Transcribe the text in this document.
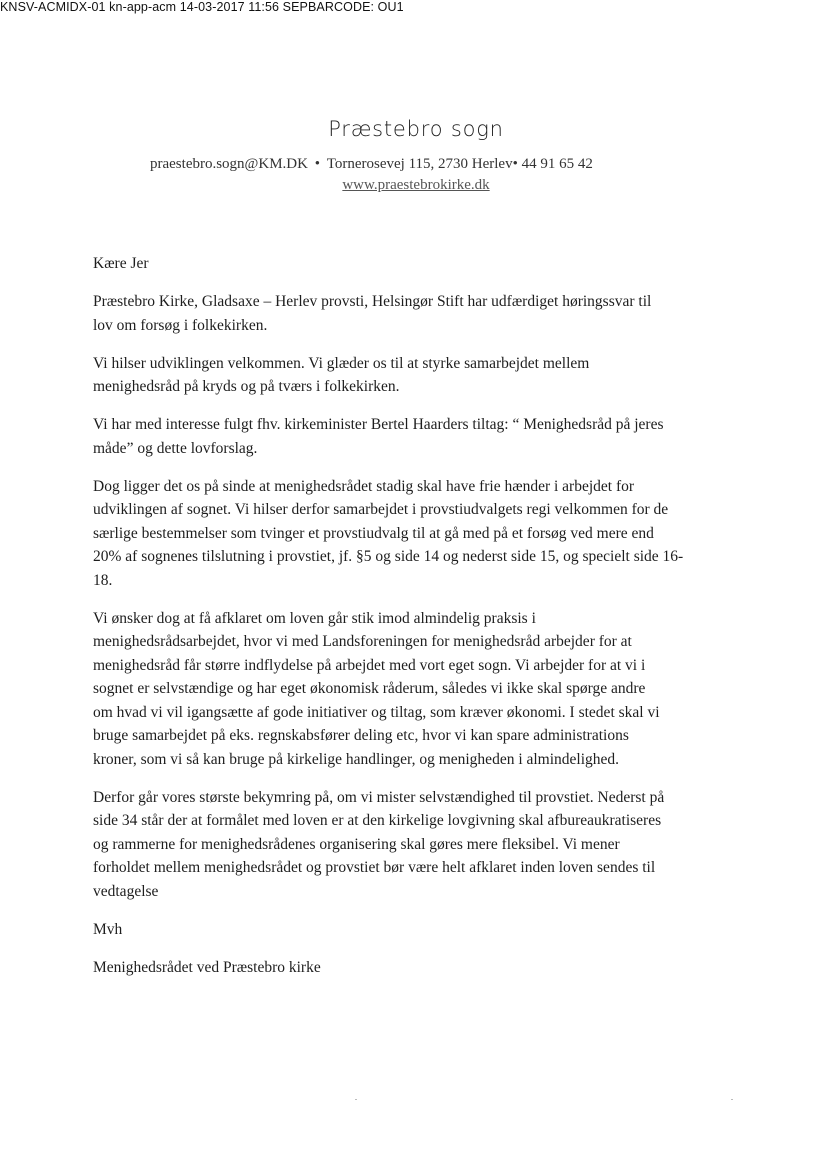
KNSV-ACMIDX-01 kn-app-acm 14-03-2017 11:56 SEPBARCODE: OU1
Præstebro sogn
praestebro.sogn@KM.DK • Tornerosevej 115, 2730 Herlev• 44 91 65 42
www.praestebrokirke.dk

Kære Jer

Præstebro Kirke, Gladsaxe – Herlev provsti, Helsingør Stift har udfærdiget høringssvar til
lov om forsøg i folkekirken.

Vi hilser udviklingen velkommen. Vi glæder os til at styrke samarbejdet mellem
menighedsråd på kryds og på tværs i folkekirken.

Vi har med interesse fulgt fhv. kirkeminister Bertel Haarders tiltag: “ Menighedsråd på jeres
måde” og dette lovforslag.

Dog ligger det os på sinde at menighedsrådet stadig skal have frie hænder i arbejdet for
udviklingen af sognet. Vi hilser derfor samarbejdet i provstiudvalgets regi velkommen for de
særlige bestemmelser som tvinger et provstiudvalg til at gå med på et forsøg ved mere end
20% af sognenes tilslutning i provstiet, jf. §5 og side 14 og nederst side 15, og specielt side 16-
18.

Vi ønsker dog at få afklaret om loven går stik imod almindelig praksis i
menighedsrådsarbejdet, hvor vi med Landsforeningen for menighedsråd arbejder for at
menighedsråd får større indflydelse på arbejdet med vort eget sogn. Vi arbejder for at vi i
sognet er selvstændige og har eget økonomisk råderum, således vi ikke skal spørge andre
om hvad vi vil igangsætte af gode initiativer og tiltag, som kræver økonomi. I stedet skal vi
bruge samarbejdet på eks. regnskabsfører deling etc, hvor vi kan spare administrations
kroner, som vi så kan bruge på kirkelige handlinger, og menigheden i almindelighed.

Derfor går vores største bekymring på, om vi mister selvstændighed til provstiet. Nederst på
side 34 står der at formålet med loven er at den kirkelige lovgivning skal afbureaukratiseres
og rammerne for menighedsrådenes organisering skal gøres mere fleksibel. Vi mener
forholdet mellem menighedsrådet og provstiet bør være helt afklaret inden loven sendes til
vedtagelse

Mvh

Menighedsrådet ved Præstebro kirke
